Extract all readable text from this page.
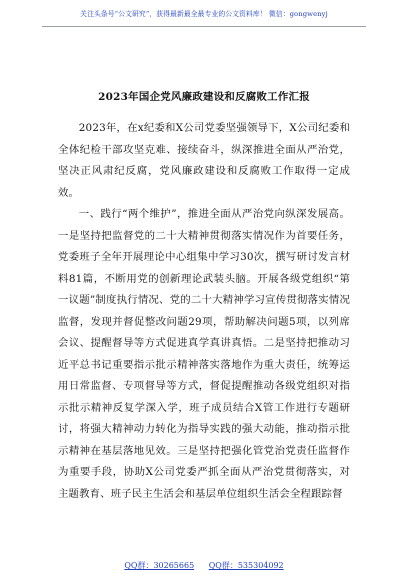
关注头条号“公文研究”，获得最新最全最专业的公文资料库！ 微信：gongwenyj
2023年国企党风廉政建设和反腐败工作汇报

2023年，在x纪委和X公司党委坚强领导下，X公司纪委和全体纪检干部攻坚克难、接续奋斗，纵深推进全面从严治党，坚决正风肃纪反腐，党风廉政建设和反腐败工作取得一定成效。

一、践行“两个维护”，推进全面从严治党向纵深发展高。一是坚持把监督党的二十大精神贯彻落实情况作为首要任务，党委班子全年开展理论中心组集中学习30次，撰写研讨发言材料81篇，不断用党的创新理论武装头脑。开展各级党组织“第一议题”制度执行情况、党的二十大精神学习宣传贯彻落实情况监督，发现并督促整改问题29项，帮助解决问题5项，以列席会议、提醒督导等方式促进真学真讲真悟。二是坚持把推动习近平总书记重要指示批示精神落实落地作为重大责任，统筹运用日常监督、专项督导等方式，督促提醒推动各级党组织对指示批示精神反复学深入学，班子成员结合X管工作进行专题研讨，将强大精神动力转化为指导实践的强大动能，推动指示批示精神在基层落地见效。三是坚持把强化管党治党责任监督作为重要手段，协助X公司党委严抓全面从严治党贯彻落实，对主题教育、班子民主生活会和基层单位组织生活会全程跟踪督

QQ群：30265665 QQ群：535304092
